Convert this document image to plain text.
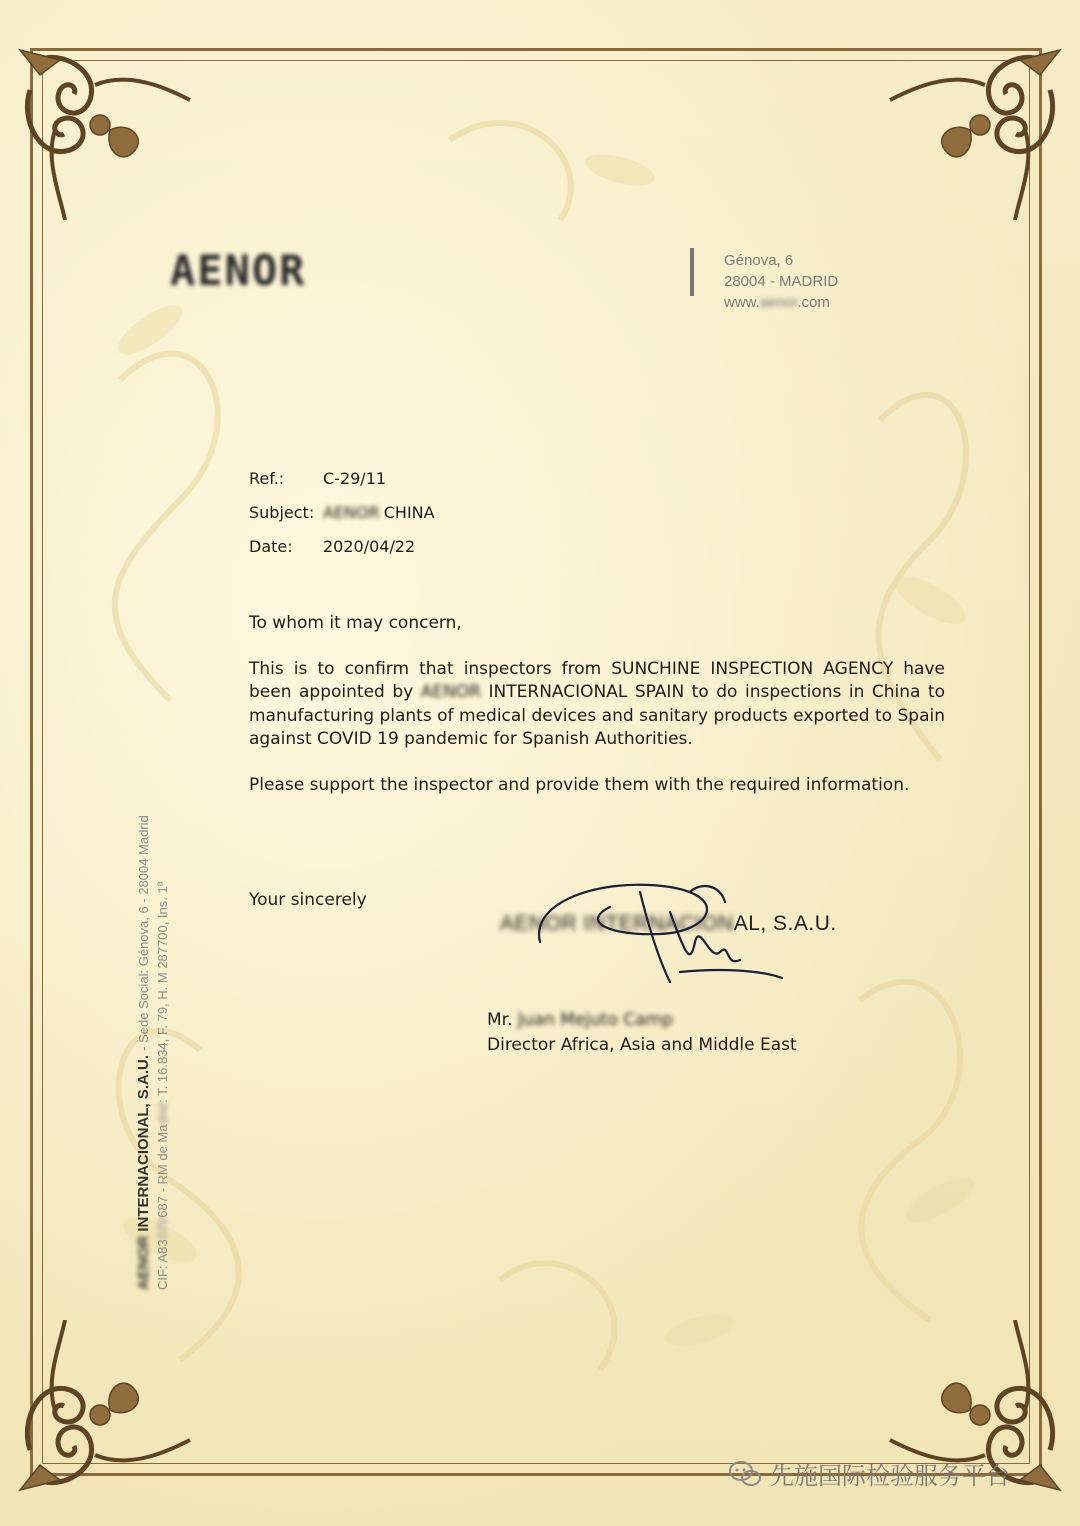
AENOR	Génova, 6
28004 - MADRID
www.aenor.com
Ref.:	C-29/11
Subject: AENOR CHINA
Date:	2020/04/22

To whom it may concern,

This is to confirm that inspectors from SUNCHINE INSPECTION AGENCY have been appointed by AENOR INTERNACIONAL SPAIN to do inspections in China to manufacturing plants of medical devices and sanitary products exported to Spain against COVID 19 pandemic for Spanish Authorities.

Please support the inspector and provide them with the required information.

Your sincerely
AENOR INTERNACIONAL, S.A.U.
Mr. Juan Mejuto Camp
Director Africa, Asia and Middle East
AENOR INTERNACIONAL, S.A.U. - Sede Social: Génova, 6 - 28004 Madrid
CIF: A83079687 - RM de Madrid: T. 16.834, F. 79, H. M 287700, Ins. 1ª
先施国际检验服务平台
